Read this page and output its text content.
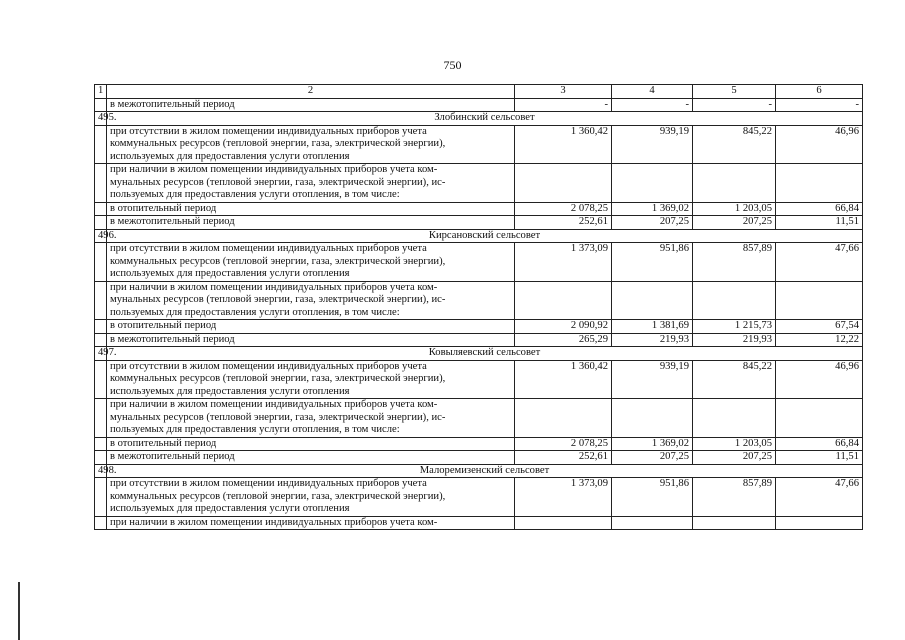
750
1	2	3	4	5	6
	в межотопительный период	-	-	-	-
495.	Злобинский сельсовет				

	при отсутствии в жилом помещении индивидуальных приборов учета
коммунальных ресурсов (тепловой энергии, газа, электрической энергии),
используемых для предоставления услуги отопления	1 360,42	939,19	845,22	46,96

	при наличии в жилом помещении индивидуальных приборов учета ком-
мунальных ресурсов (тепловой энергии, газа, электрической энергии), ис-
пользуемых для предоставления услуги отопления, в том числе:				

	в отопительный период	2 078,25	1 369,02	1 203,05	66,84

	в межотопительный период	252,61	207,25	207,25	11,51
496.	Кирсановский сельсовет				

	при отсутствии в жилом помещении индивидуальных приборов учета
коммунальных ресурсов (тепловой энергии, газа, электрической энергии),
используемых для предоставления услуги отопления	1 373,09	951,86	857,89	47,66

	при наличии в жилом помещении индивидуальных приборов учета ком-
мунальных ресурсов (тепловой энергии, газа, электрической энергии), ис-
пользуемых для предоставления услуги отопления, в том числе:				

	в отопительный период	2 090,92	1 381,69	1 215,73	67,54

	в межотопительный период	265,29	219,93	219,93	12,22
497.	Ковыляевский сельсовет				

	при отсутствии в жилом помещении индивидуальных приборов учета
коммунальных ресурсов (тепловой энергии, газа, электрической энергии),
используемых для предоставления услуги отопления	1 360,42	939,19	845,22	46,96

	при наличии в жилом помещении индивидуальных приборов учета ком-
мунальных ресурсов (тепловой энергии, газа, электрической энергии), ис-
пользуемых для предоставления услуги отопления, в том числе:				

	в отопительный период	2 078,25	1 369,02	1 203,05	66,84

	в межотопительный период	252,61	207,25	207,25	11,51
498.	Малоремизенский сельсовет				

	при отсутствии в жилом помещении индивидуальных приборов учета
коммунальных ресурсов (тепловой энергии, газа, электрической энергии),
используемых для предоставления услуги отопления	1 373,09	951,86	857,89	47,66

	при наличии в жилом помещении индивидуальных приборов учета ком-				
